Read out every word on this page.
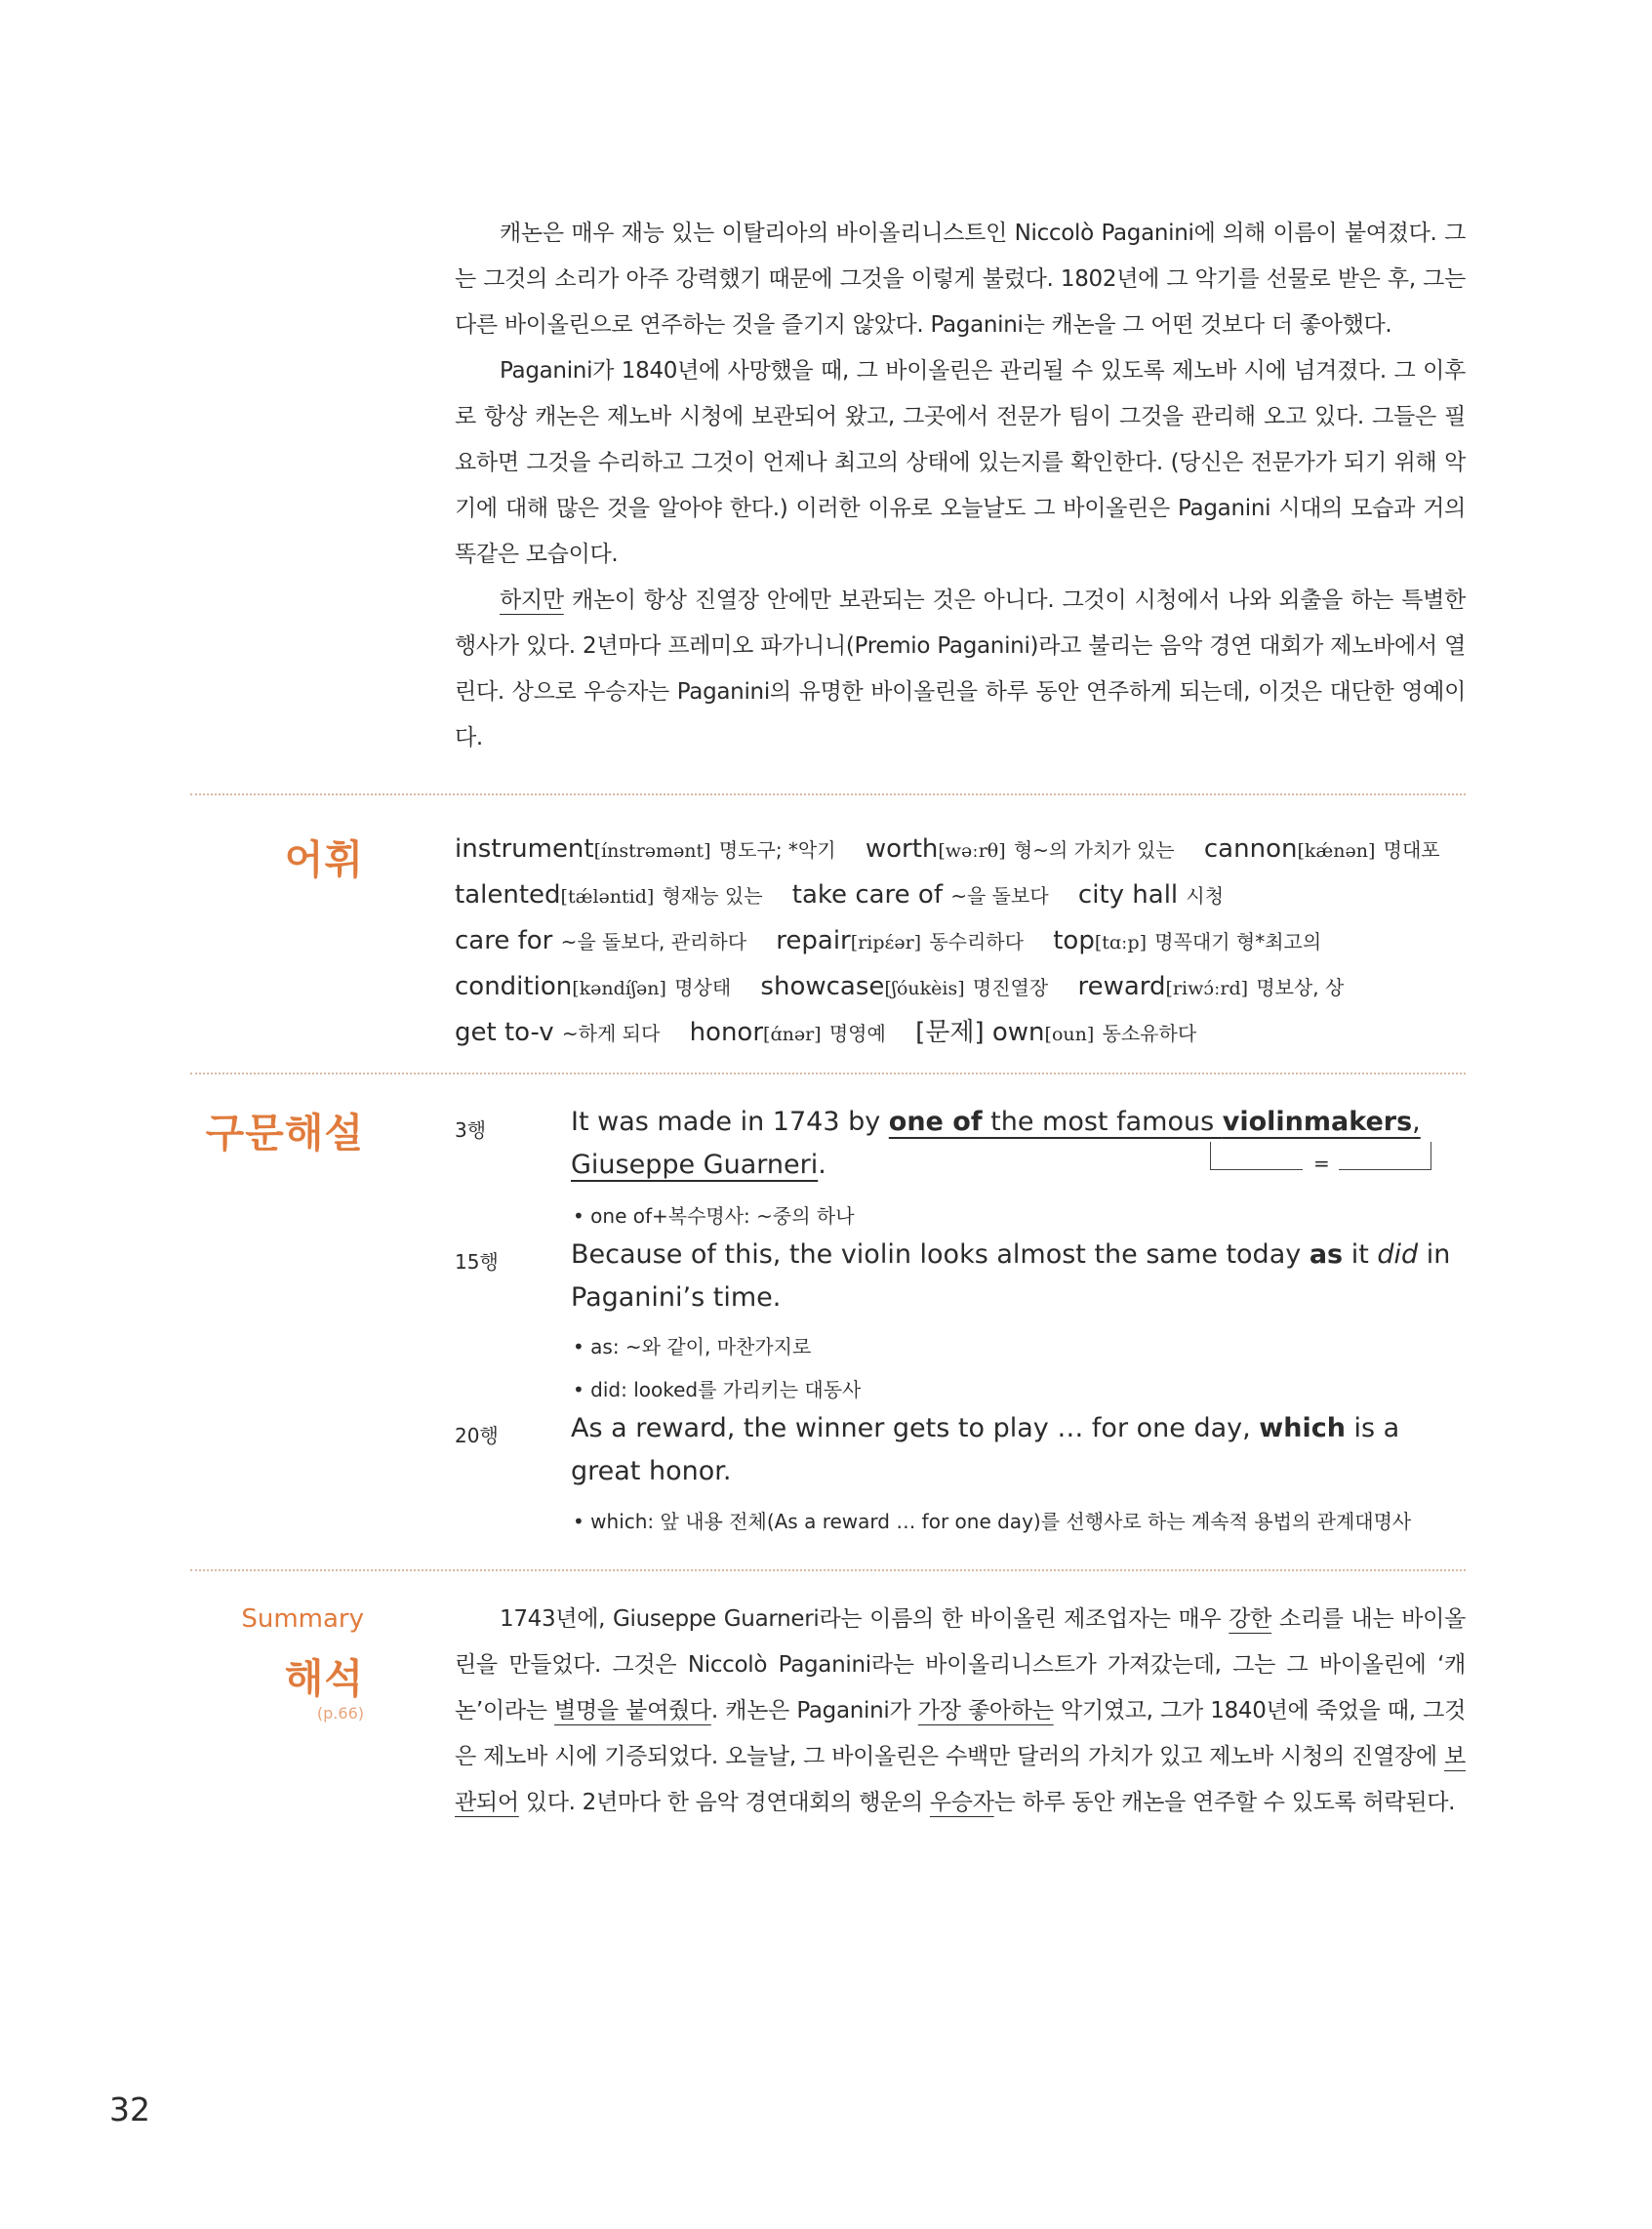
캐논은 매우 재능 있는 이탈리아의 바이올리니스트인 Niccolò Paganini에 의해 이름이 붙여졌다. 그는 그것의 소리가 아주 강력했기 때문에 그것을 이렇게 불렀다. 1802년에 그 악기를 선물로 받은 후, 그는 다른 바이올린으로 연주하는 것을 즐기지 않았다. Paganini는 캐논을 그 어떤 것보다 더 좋아했다.

Paganini가 1840년에 사망했을 때, 그 바이올린은 관리될 수 있도록 제노바 시에 넘겨졌다. 그 이후로 항상 캐논은 제노바 시청에 보관되어 왔고, 그곳에서 전문가 팀이 그것을 관리해 오고 있다. 그들은 필요하면 그것을 수리하고 그것이 언제나 최고의 상태에 있는지를 확인한다. (당신은 전문가가 되기 위해 악기에 대해 많은 것을 알아야 한다.) 이러한 이유로 오늘날도 그 바이올린은 Paganini 시대의 모습과 거의 똑같은 모습이다.

하지만 캐논이 항상 진열장 안에만 보관되는 것은 아니다. 그것이 시청에서 나와 외출을 하는 특별한 행사가 있다. 2년마다 프레미오 파가니니(Premio Paganini)라고 불리는 음악 경연 대회가 제노바에서 열린다. 상으로 우승자는 Paganini의 유명한 바이올린을 하루 동안 연주하게 되는데, 이것은 대단한 영예이다.

어휘	instrument[ínstrəmənt] 명도구; *악기 worth[wəːrθ] 형~의 가치가 있는 cannon[kǽnən] 명대포 talented[tǽləntid] 형재능 있는 take care of ~을 돌보다 city hall 시청 care for ~을 돌보다, 관리하다 repair[ripέər] 동수리하다 top[tɑːp] 명꼭대기 형*최고의 condition[kəndíʃən] 명상태 showcase[ʃóukèis] 명진열장 reward[riwɔ́ːrd] 명보상, 상 get to-v ~하게 되다 honor[ɑ́nər] 명영예 [문제] own[oun] 동소유하다
구문해설	3행	It was made in 1743 by one of the most famous violinmakers, Giuseppe Guarneri.	=
• one of+복수명사: ~중의 하나
15행	Because of this, the violin looks almost the same today as it did in Paganini’s time.
• as: ~와 같이, 마찬가지로
• did: looked를 가리키는 대동사
20행	As a reward, the winner gets to play … for one day, which is a great honor.
• which: 앞 내용 전체(As a reward … for one day)를 선행사로 하는 계속적 용법의 관계대명사
Summary
해석
(p.66)

1743년에, Giuseppe Guarneri라는 이름의 한 바이올린 제조업자는 매우 강한 소리를 내는 바이올린을 만들었다. 그것은 Niccolò Paganini라는 바이올리니스트가 가져갔는데, 그는 그 바이올린에 ‘캐논’이라는 별명을 붙여줬다. 캐논은 Paganini가 가장 좋아하는 악기였고, 그가 1840년에 죽었을 때, 그것은 제노바 시에 기증되었다. 오늘날, 그 바이올린은 수백만 달러의 가치가 있고 제노바 시청의 진열장에 보관되어 있다. 2년마다 한 음악 경연대회의 행운의 우승자는 하루 동안 캐논을 연주할 수 있도록 허락된다.

32
